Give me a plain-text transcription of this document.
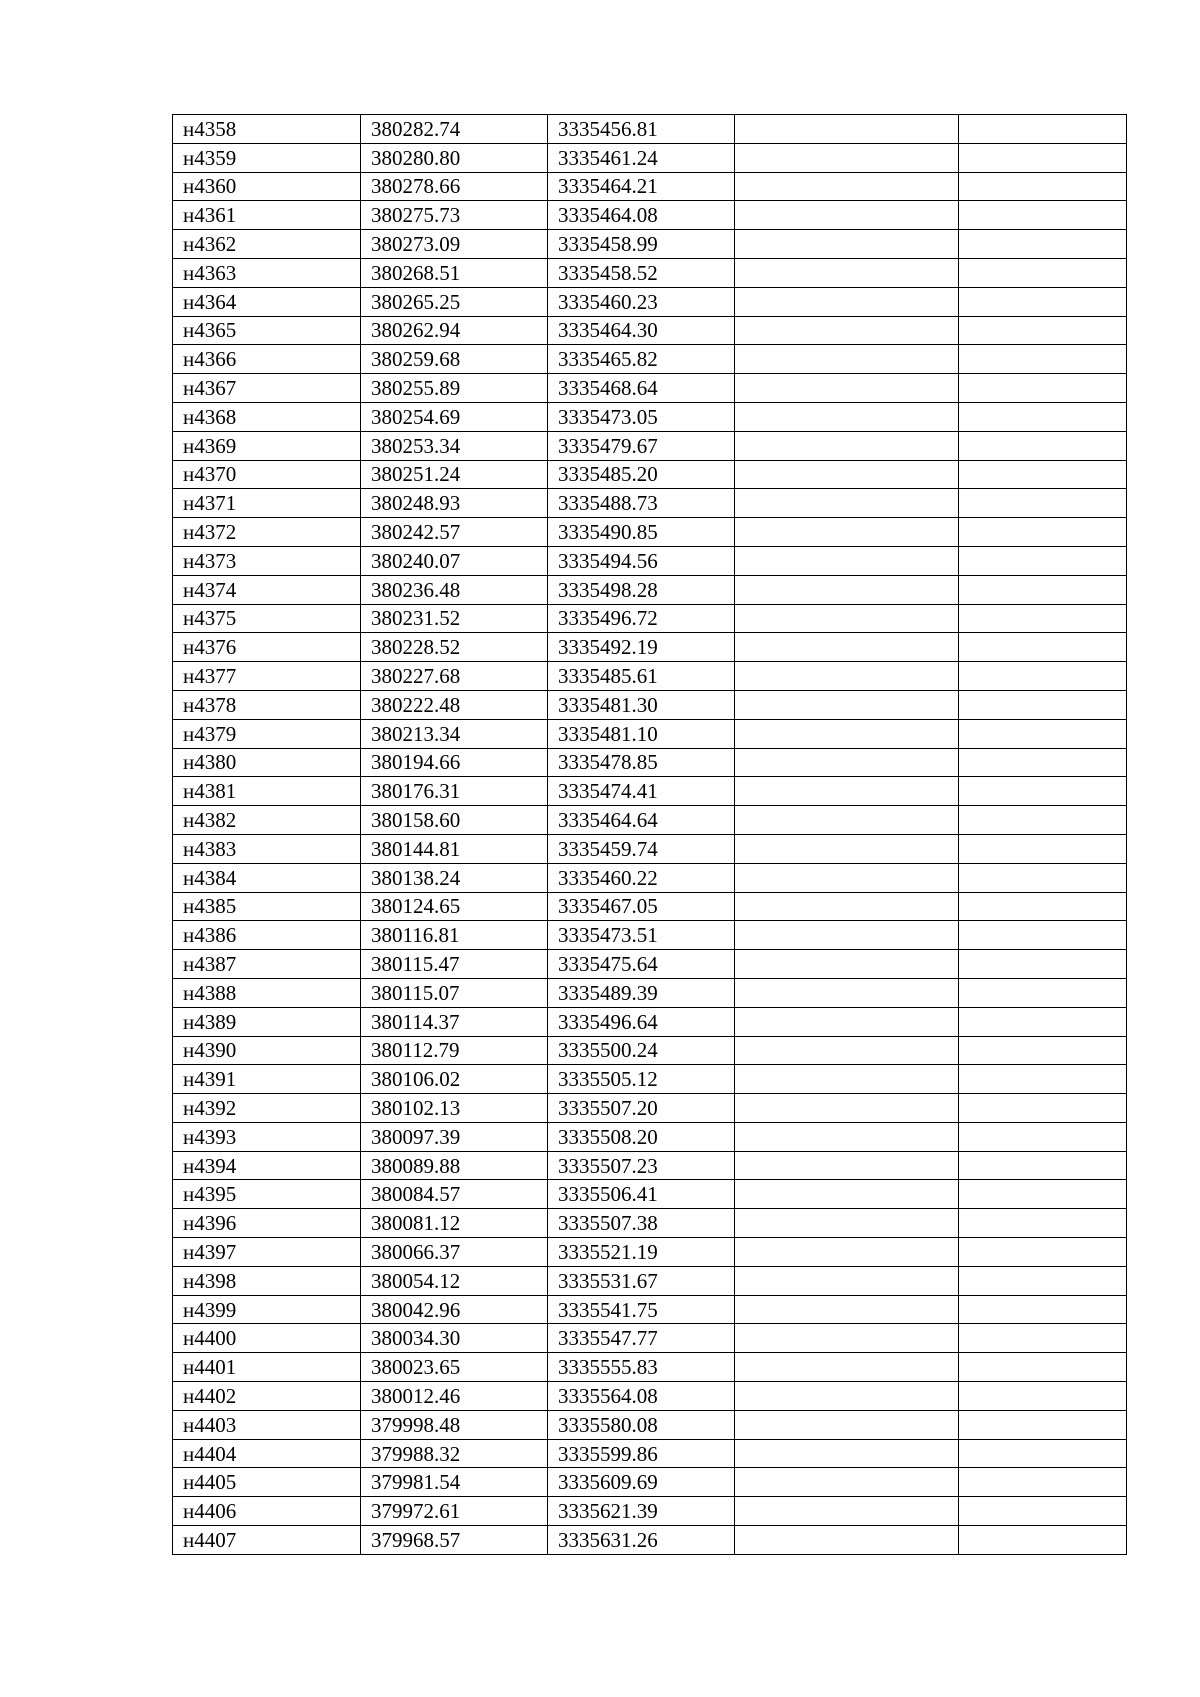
н4358	380282.74	3335456.81		
н4359	380280.80	3335461.24		
н4360	380278.66	3335464.21		
н4361	380275.73	3335464.08		
н4362	380273.09	3335458.99		
н4363	380268.51	3335458.52		
н4364	380265.25	3335460.23		
н4365	380262.94	3335464.30		
н4366	380259.68	3335465.82		
н4367	380255.89	3335468.64		
н4368	380254.69	3335473.05		
н4369	380253.34	3335479.67		
н4370	380251.24	3335485.20		
н4371	380248.93	3335488.73		
н4372	380242.57	3335490.85		
н4373	380240.07	3335494.56		
н4374	380236.48	3335498.28		
н4375	380231.52	3335496.72		
н4376	380228.52	3335492.19		
н4377	380227.68	3335485.61		
н4378	380222.48	3335481.30		
н4379	380213.34	3335481.10		
н4380	380194.66	3335478.85		
н4381	380176.31	3335474.41		
н4382	380158.60	3335464.64		
н4383	380144.81	3335459.74		
н4384	380138.24	3335460.22		
н4385	380124.65	3335467.05		
н4386	380116.81	3335473.51		
н4387	380115.47	3335475.64		
н4388	380115.07	3335489.39		
н4389	380114.37	3335496.64		
н4390	380112.79	3335500.24		
н4391	380106.02	3335505.12		
н4392	380102.13	3335507.20		
н4393	380097.39	3335508.20		
н4394	380089.88	3335507.23		
н4395	380084.57	3335506.41		
н4396	380081.12	3335507.38		
н4397	380066.37	3335521.19		
н4398	380054.12	3335531.67		
н4399	380042.96	3335541.75		
н4400	380034.30	3335547.77		
н4401	380023.65	3335555.83		
н4402	380012.46	3335564.08		
н4403	379998.48	3335580.08		
н4404	379988.32	3335599.86		
н4405	379981.54	3335609.69		
н4406	379972.61	3335621.39		
н4407	379968.57	3335631.26		
